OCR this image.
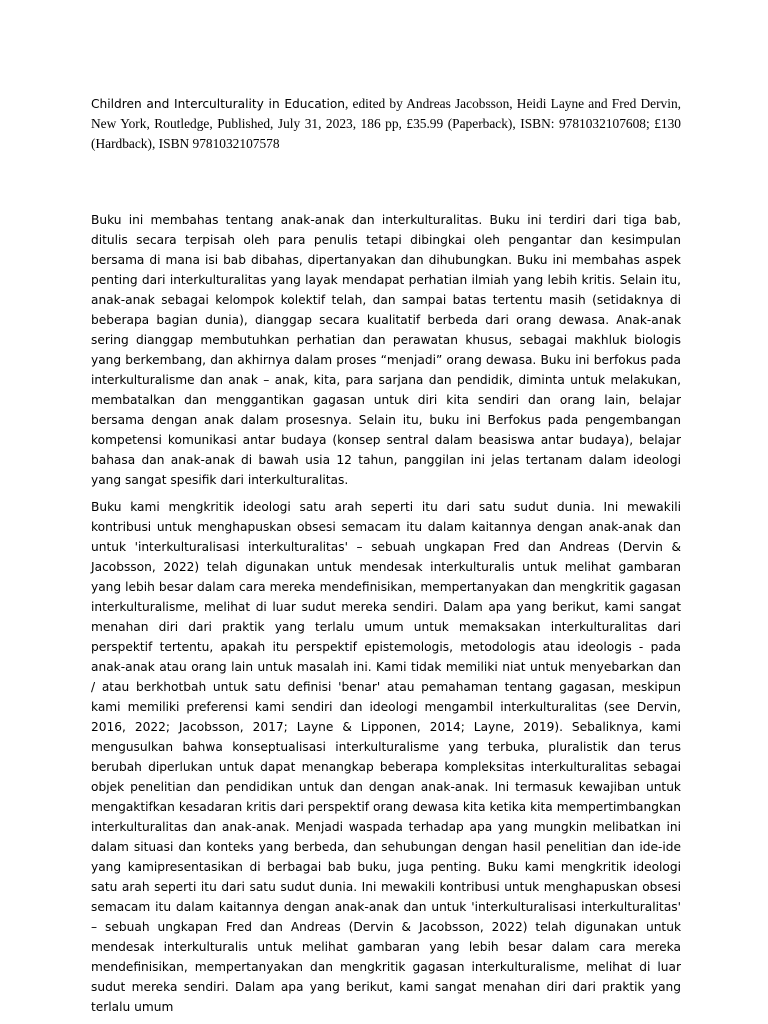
Children and Interculturality in Education, edited by Andreas Jacobsson, Heidi Layne and Fred Dervin, New York, Routledge, Published, July 31, 2023, 186 pp, £35.99 (Paperback), ISBN: 9781032107608; £130 (Hardback), ISBN 9781032107578

Buku ini membahas tentang anak-anak dan interkulturalitas. Buku ini terdiri dari tiga bab, ditulis secara terpisah oleh para penulis tetapi dibingkai oleh pengantar dan kesimpulan bersama di mana isi bab dibahas, dipertanyakan dan dihubungkan. Buku ini membahas aspek penting dari interkulturalitas yang layak mendapat perhatian ilmiah yang lebih kritis. Selain itu, anak-anak sebagai kelompok kolektif telah, dan sampai batas tertentu masih (setidaknya di beberapa bagian dunia), dianggap secara kualitatif berbeda dari orang dewasa. Anak-anak sering dianggap membutuhkan perhatian dan perawatan khusus, sebagai makhluk biologis yang berkembang, dan akhirnya dalam proses “menjadi” orang dewasa. Buku ini berfokus pada interkulturalisme dan anak – anak, kita, para sarjana dan pendidik, diminta untuk melakukan, membatalkan dan menggantikan gagasan untuk diri kita sendiri dan orang lain, belajar bersama dengan anak dalam prosesnya. Selain itu, buku ini Berfokus pada pengembangan kompetensi komunikasi antar budaya (konsep sentral dalam beasiswa antar budaya), belajar bahasa dan anak-anak di bawah usia 12 tahun, panggilan ini jelas tertanam dalam ideologi yang sangat spesifik dari interkulturalitas.

Buku kami mengkritik ideologi satu arah seperti itu dari satu sudut dunia. Ini mewakili kontribusi untuk menghapuskan obsesi semacam itu dalam kaitannya dengan anak-anak dan untuk 'interkulturalisasi interkulturalitas' – sebuah ungkapan Fred dan Andreas (Dervin & Jacobsson, 2022) telah digunakan untuk mendesak interkulturalis untuk melihat gambaran yang lebih besar dalam cara mereka mendefinisikan, mempertanyakan dan mengkritik gagasan interkulturalisme, melihat di luar sudut mereka sendiri. Dalam apa yang berikut, kami sangat menahan diri dari praktik yang terlalu umum untuk memaksakan interkulturalitas dari perspektif tertentu, apakah itu perspektif epistemologis, metodologis atau ideologis - pada anak-anak atau orang lain untuk masalah ini. Kami tidak memiliki niat untuk menyebarkan dan / atau berkhotbah untuk satu definisi 'benar' atau pemahaman tentang gagasan, meskipun kami memiliki preferensi kami sendiri dan ideologi mengambil interkulturalitas (see Dervin, 2016, 2022; Jacobsson, 2017; Layne & Lipponen, 2014; Layne, 2019). Sebaliknya, kami mengusulkan bahwa konseptualisasi interkulturalisme yang terbuka, pluralistik dan terus berubah diperlukan untuk dapat menangkap beberapa kompleksitas interkulturalitas sebagai objek penelitian dan pendidikan untuk dan dengan anak-anak. Ini termasuk kewajiban untuk mengaktifkan kesadaran kritis dari perspektif orang dewasa kita ketika kita mempertimbangkan interkulturalitas dan anak-anak. Menjadi waspada terhadap apa yang mungkin melibatkan ini dalam situasi dan konteks yang berbeda, dan sehubungan dengan hasil penelitian dan ide-ide yang kamipresentasikan di berbagai bab buku, juga penting. Buku kami mengkritik ideologi satu arah seperti itu dari satu sudut dunia. Ini mewakili kontribusi untuk menghapuskan obsesi semacam itu dalam kaitannya dengan anak-anak dan untuk 'interkulturalisasi interkulturalitas' – sebuah ungkapan Fred dan Andreas (Dervin & Jacobsson, 2022) telah digunakan untuk mendesak interkulturalis untuk melihat gambaran yang lebih besar dalam cara mereka mendefinisikan, mempertanyakan dan mengkritik gagasan interkulturalisme, melihat di luar sudut mereka sendiri. Dalam apa yang berikut, kami sangat menahan diri dari praktik yang terlalu umum
